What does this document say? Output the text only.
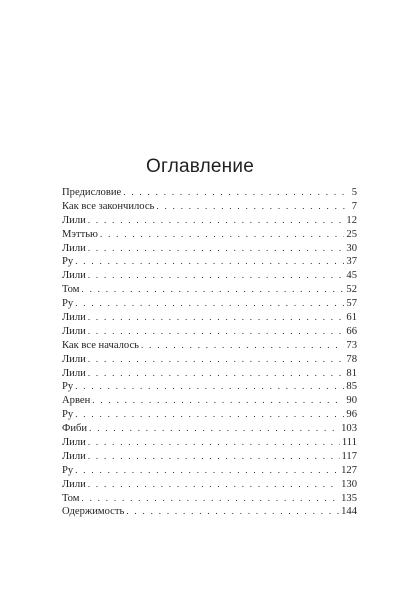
Оглавление
Предисловие . . .	5
Как все закончилось . . .	7
Лили . . .	12
Мэттью . . .	25
Лили . . .	30
Ру . . .	37
Лили . . .	45
Том . . .	52
Ру . . .	57
Лили . . .	61
Лили . . .	66
Как все началось . . .	73
Лили . . .	78
Лили . . .	81
Ру . . .	85
Арвен . . .	90
Ру . . .	96
Фиби . . .	103
Лили . . .	111
Лили . . .	117
Ру . . .	127
Лили . . .	130
Том . . .	135
Одержимость . . .	144
